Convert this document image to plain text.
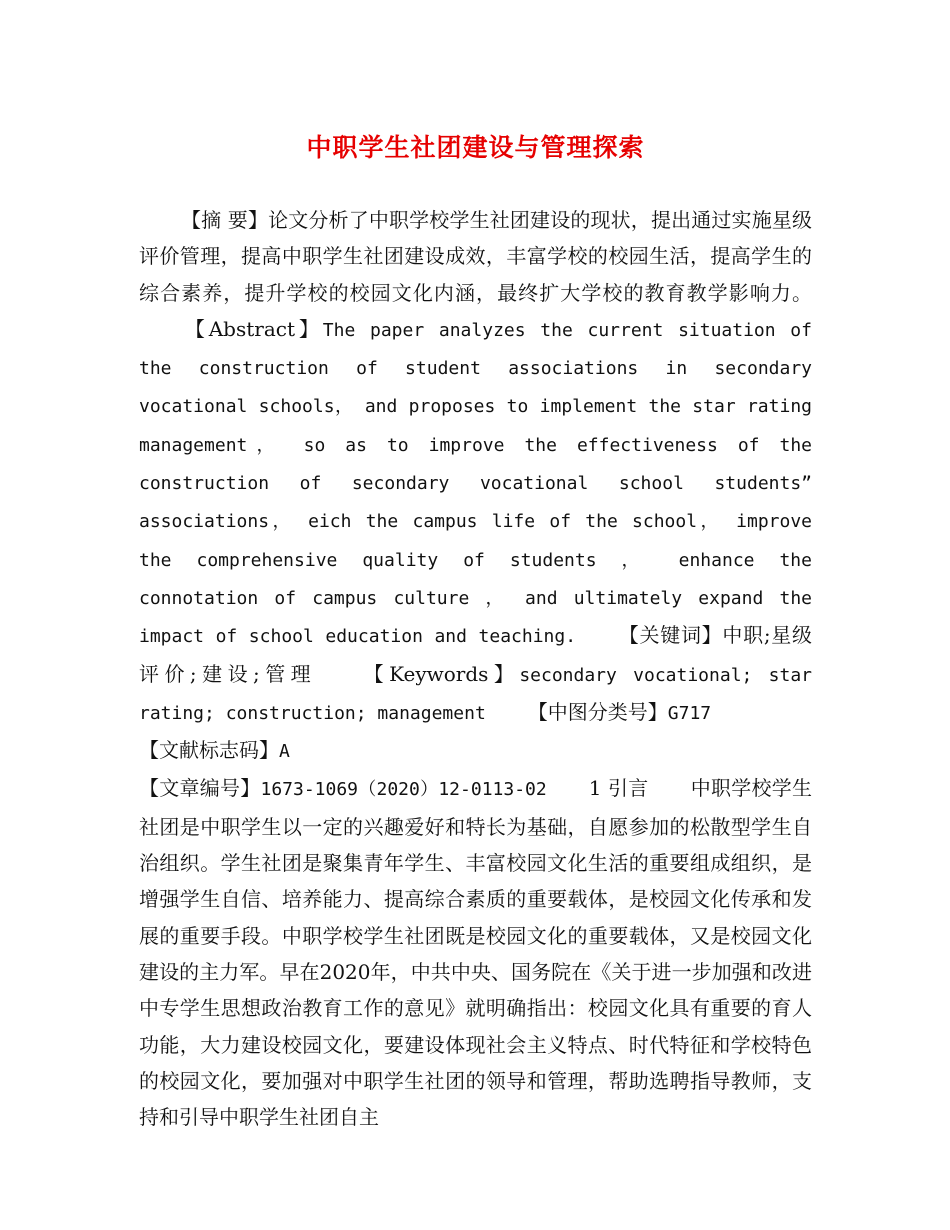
中职学生社团建设与管理探索

【摘 要】论文分析了中职学校学生社团建设的现状，提出通过实施星级评价管理，提高中职学生社团建设成效，丰富学校的校园生活，提高学生的综合素养，提升学校的校园文化内涵，最终扩大学校的教育教学影响力。【Abstract】The paper analyzes the current situation of the construction of student associations in secondary vocational schools， and proposes to implement the star rating management， so as to improve the effectiveness of the construction of secondary vocational school students” associations， eich the campus life of the school， improve the comprehensive quality of students ， enhance the connotation of campus culture ， and ultimately expand the impact of school education and teaching. 【关键词】中职;星级评价;建设;管理 【Keywords】secondary vocational; star rating; construction; management 【中图分类号】G717

【文献标志码】A

【文章编号】1673-1069（2020）12-0113-02 1 引言 中职学校学生社团是中职学生以一定的兴趣爱好和特长为基础，自愿参加的松散型学生自治组织。学生社团是聚集青年学生、丰富校园文化生活的重要组成组织，是增强学生自信、培养能力、提高综合素质的重要载体，是校园文化传承和发展的重要手段。中职学校学生社团既是校园文化的重要载体，又是校园文化建设的主力军。早在2020年，中共中央、国务院在《关于进一步加强和改进中专学生思想政治教育工作的意见》就明确指出：校园文化具有重要的育人功能，大力建设校园文化，要建设体现社会主义特点、时代特征和学校特色的校园文化，要加强对中职学生社团的领导和管理，帮助选聘指导教师，支持和引导中职学生社团自主
